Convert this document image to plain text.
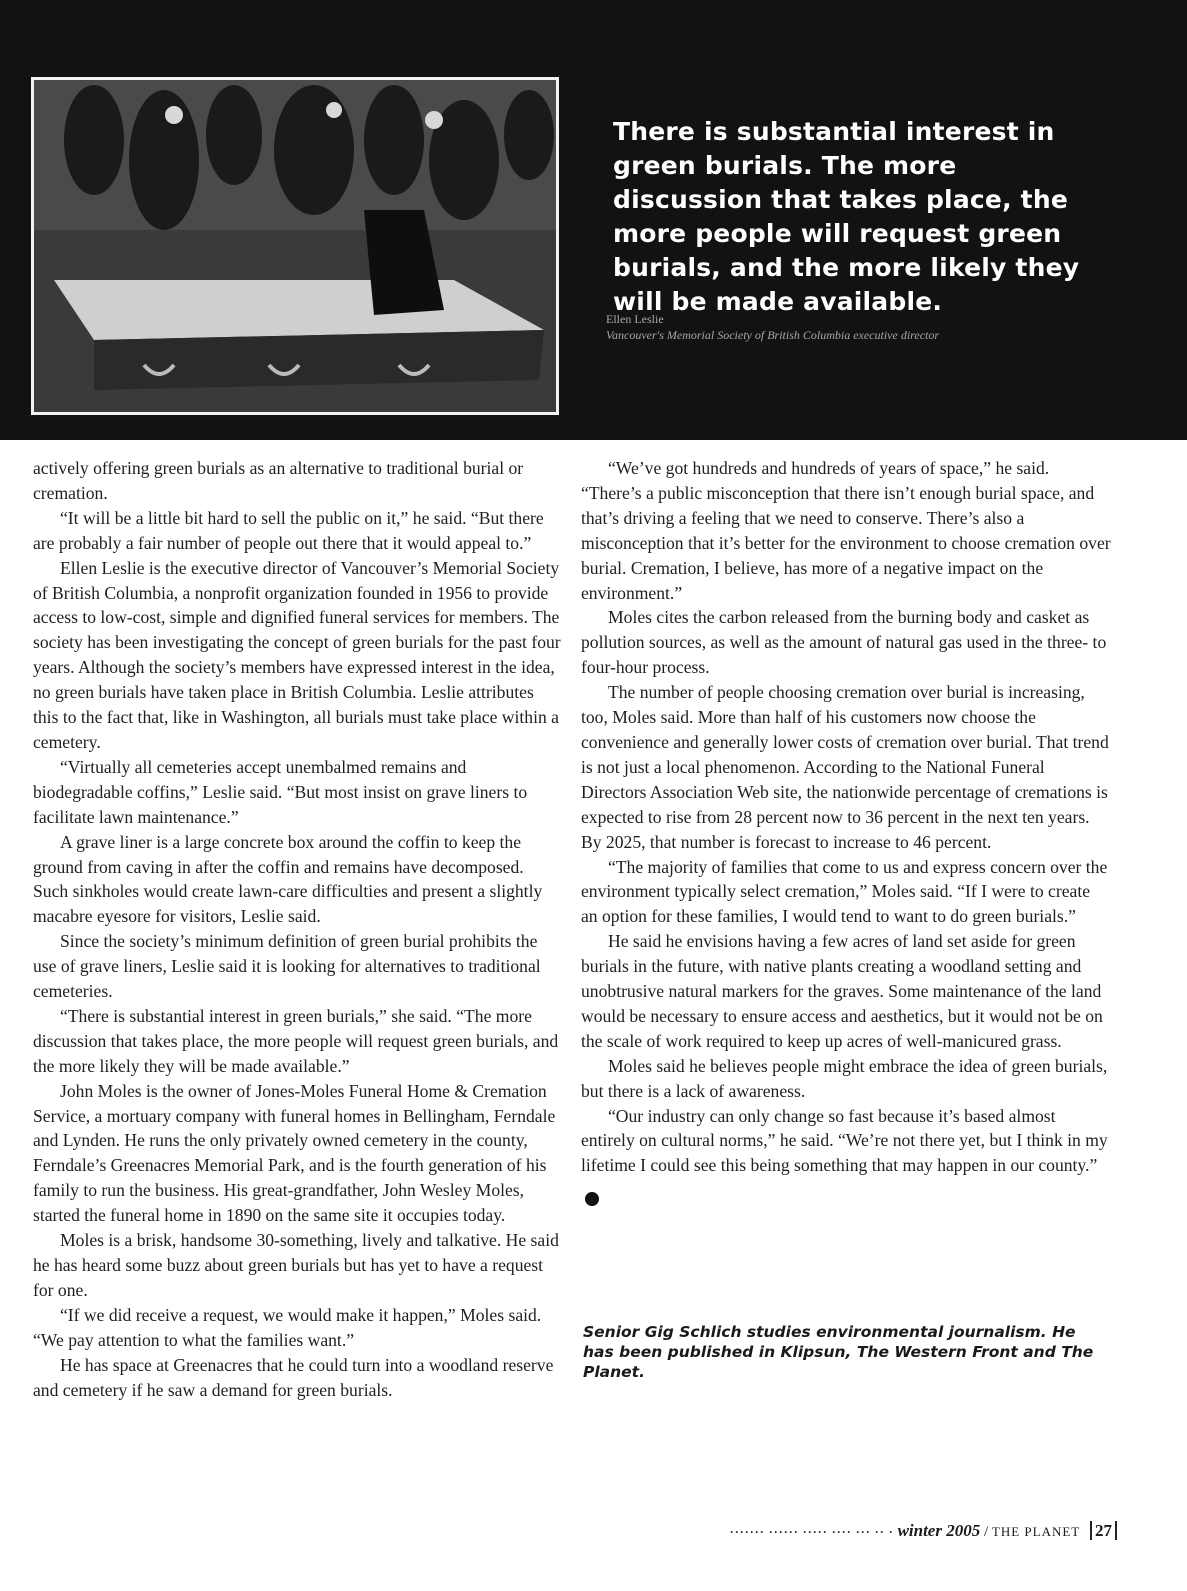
There is substantial interest in green burials. The more discussion that takes place, the more people will request green burials, and the more likely they will be made available.
Ellen Leslie
Vancouver's Memorial Society of British Columbia executive director

actively offering green burials as an alternative to traditional burial or cremation.

“It will be a little bit hard to sell the public on it,” he said. “But there are probably a fair number of people out there that it would appeal to.”

Ellen Leslie is the executive director of Vancouver’s Memorial Society of British Columbia, a nonprofit organization founded in 1956 to provide access to low-cost, simple and dignified funeral services for members. The society has been investigating the concept of green burials for the past four years. Although the society’s members have expressed interest in the idea, no green burials have taken place in British Columbia. Leslie attributes this to the fact that, like in Washington, all burials must take place within a cemetery.

“Virtually all cemeteries accept unembalmed remains and biodegradable coffins,” Leslie said. “But most insist on grave liners to facilitate lawn maintenance.”

A grave liner is a large concrete box around the coffin to keep the ground from caving in after the coffin and remains have decomposed. Such sinkholes would create lawn-care difficulties and present a slightly macabre eyesore for visitors, Leslie said.

Since the society’s minimum definition of green burial prohibits the use of grave liners, Leslie said it is looking for alternatives to traditional cemeteries.

“There is substantial interest in green burials,” she said. “The more discussion that takes place, the more people will request green burials, and the more likely they will be made available.”

John Moles is the owner of Jones-Moles Funeral Home & Cremation Service, a mortuary company with funeral homes in Bellingham, Ferndale and Lynden. He runs the only privately owned cemetery in the county, Ferndale’s Greenacres Memorial Park, and is the fourth generation of his family to run the business. His great-grandfather, John Wesley Moles, started the funeral home in 1890 on the same site it occupies today.

Moles is a brisk, handsome 30-something, lively and talkative. He said he has heard some buzz about green burials but has yet to have a request for one.

“If we did receive a request, we would make it happen,” Moles said. “We pay attention to what the families want.”

He has space at Greenacres that he could turn into a woodland reserve and cemetery if he saw a demand for green burials.

“We’ve got hundreds and hundreds of years of space,” he said. “There’s a public misconception that there isn’t enough burial space, and that’s driving a feeling that we need to conserve. There’s also a misconception that it’s better for the environment to choose cremation over burial. Cremation, I believe, has more of a negative impact on the environment.”

Moles cites the carbon released from the burning body and casket as pollution sources, as well as the amount of natural gas used in the three- to four-hour process.

The number of people choosing cremation over burial is increasing, too, Moles said. More than half of his customers now choose the convenience and generally lower costs of cremation over burial. That trend is not just a local phenomenon. According to the National Funeral Directors Association Web site, the nationwide percentage of cremations is expected to rise from 28 percent now to 36 percent in the next ten years. By 2025, that number is forecast to increase to 46 percent.

“The majority of families that come to us and express concern over the environment typically select cremation,” Moles said. “If I were to create an option for these families, I would tend to want to do green burials.”

He said he envisions having a few acres of land set aside for green burials in the future, with native plants creating a woodland setting and unobtrusive natural markers for the graves. Some maintenance of the land would be necessary to ensure access and aesthetics, but it would not be on the scale of work required to keep up acres of well-manicured grass.

Moles said he believes people might embrace the idea of green burials, but there is a lack of awareness.

“Our industry can only change so fast because it’s based almost entirely on cultural norms,” he said. “We’re not there yet, but I think in my lifetime I could see this being something that may happen in our county.”

Senior Gig Schlich studies environmental journalism. He has been published in Klipsun, The Western Front and The Planet.
······· ······ ····· ···· ··· ·· · winter 2005 / THE PLANET 27
